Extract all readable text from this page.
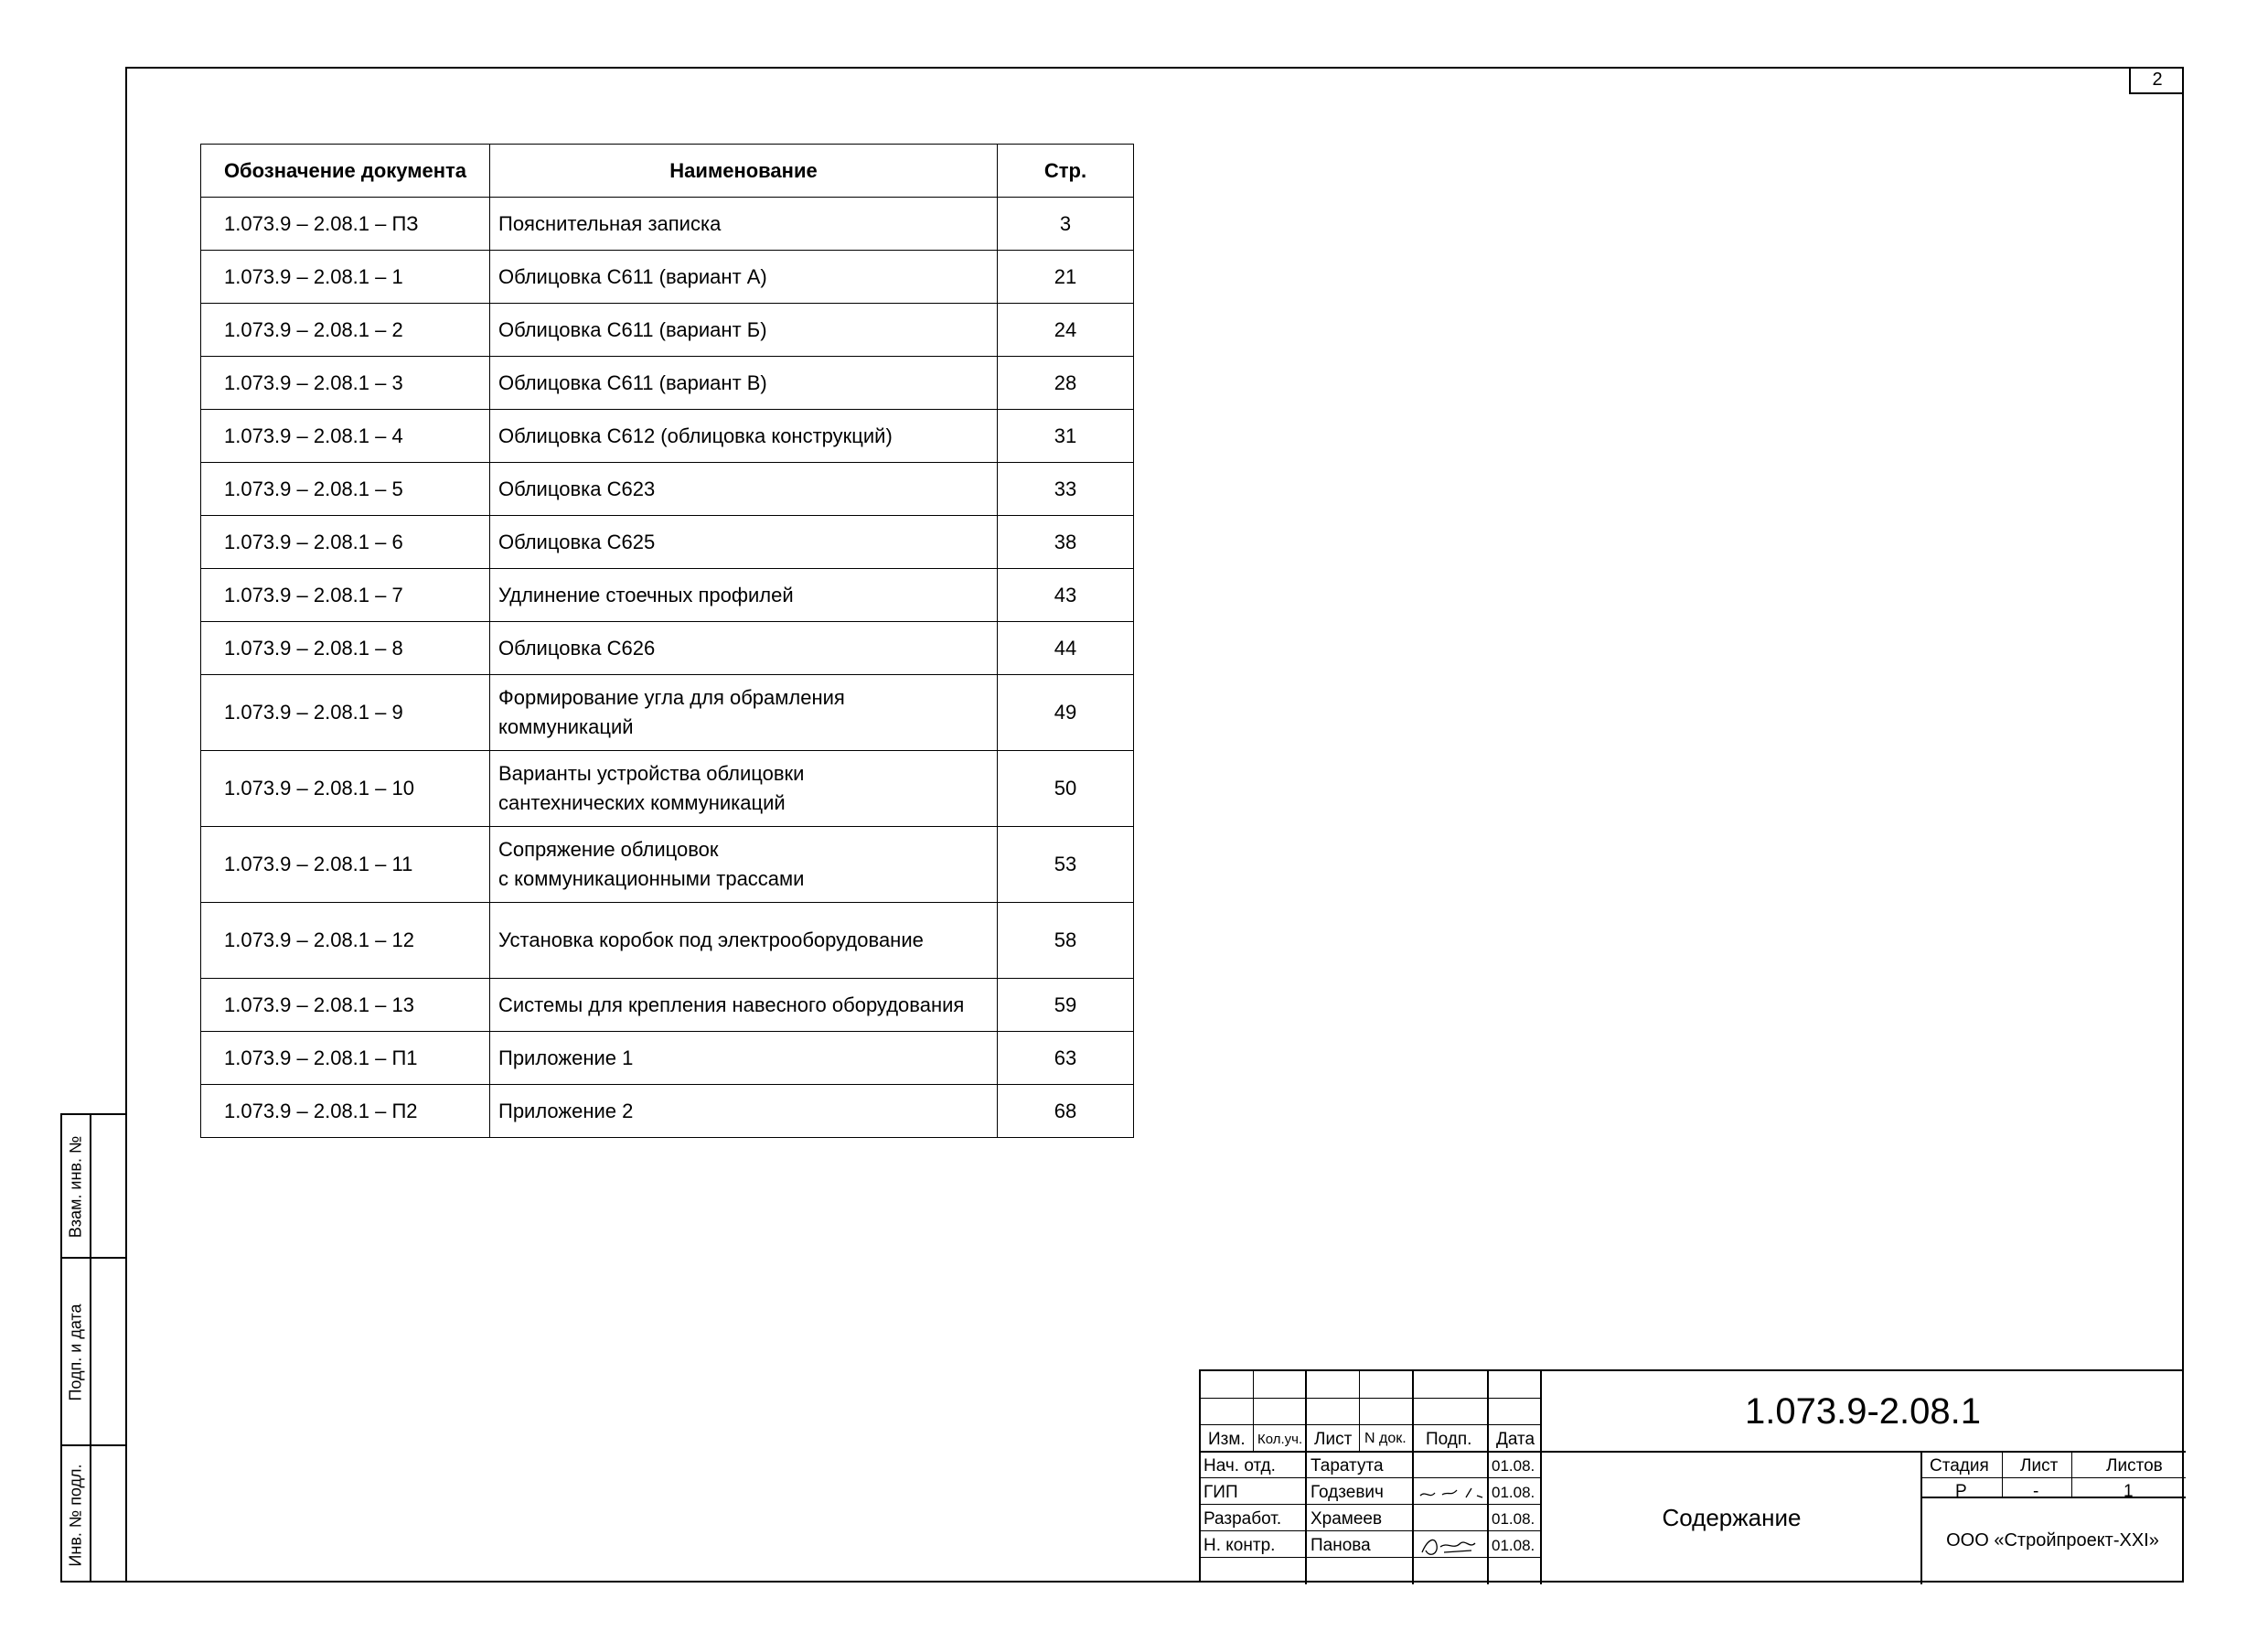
2
Взам. инв. №
Подп. и дата
Инв. № подл.
Обозначение документа	Наименование	Стр.
1.073.9 – 2.08.1 – ПЗ	Пояснительная записка	3
1.073.9 – 2.08.1 – 1	Облицовка С611 (вариант А)	21
1.073.9 – 2.08.1 – 2	Облицовка С611 (вариант Б)	24
1.073.9 – 2.08.1 – 3	Облицовка С611 (вариант В)	28
1.073.9 – 2.08.1 – 4	Облицовка С612 (облицовка конструкций)	31
1.073.9 – 2.08.1 – 5	Облицовка С623	33
1.073.9 – 2.08.1 – 6	Облицовка С625	38
1.073.9 – 2.08.1 – 7	Удлинение стоечных профилей	43
1.073.9 – 2.08.1 – 8	Облицовка С626	44
1.073.9 – 2.08.1 – 9	Формирование угла для обрамления
коммуникаций	49
1.073.9 – 2.08.1 – 10	Варианты устройства облицовки
сантехнических коммуникаций	50
1.073.9 – 2.08.1 – 11	Сопряжение облицовок
с коммуникационными трассами	53
1.073.9 – 2.08.1 – 12	Установка коробок под электрооборудование	58
1.073.9 – 2.08.1 – 13	Системы для крепления навесного оборудования	59
1.073.9 – 2.08.1 – П1	Приложение 1	63
1.073.9 – 2.08.1 – П2	Приложение 2	68
Изм. Кол.уч. Лист N док. Подп. Дата
Нач. отд. Таратута	01.08.
ГИП	Годзевич	01.08.
Разработ. Храмеев	01.08.
Н. контр. Панова	01.08.
1.073.9-2.08.1
Содержание
Стадия Лист	Листов
Р	-	1
ООО «Стройпроект-XXI»
